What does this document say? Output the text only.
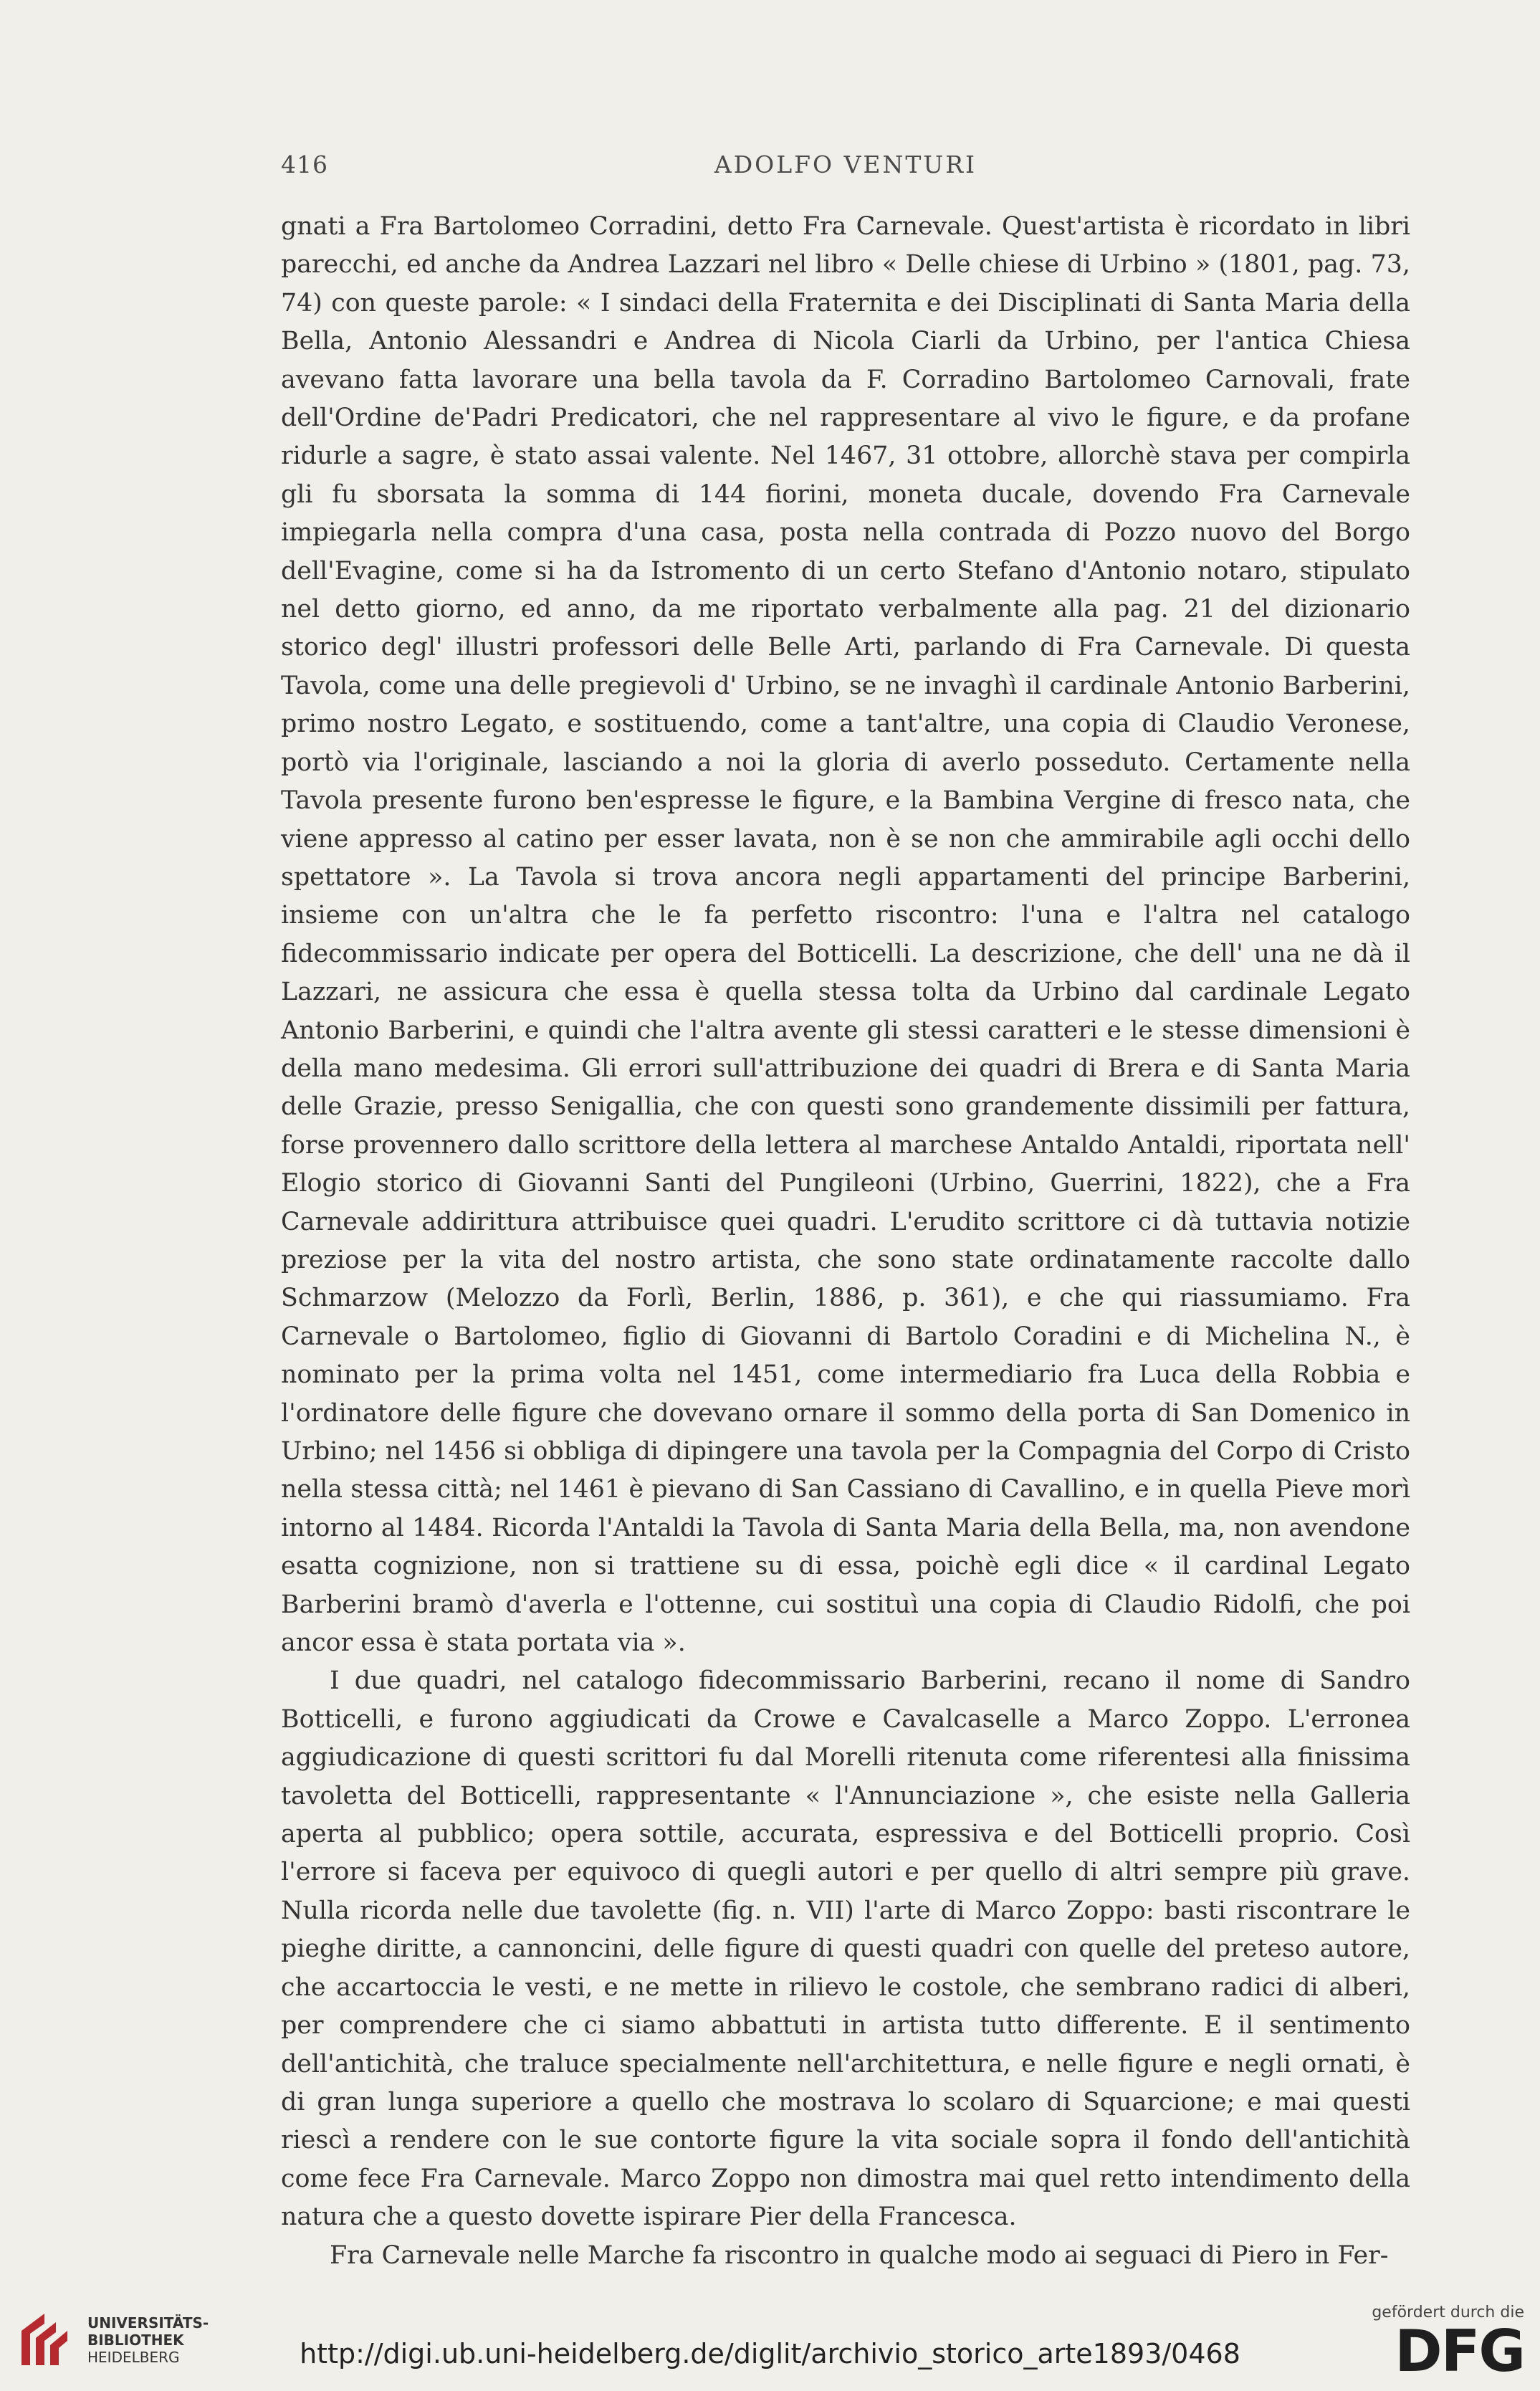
416	ADOLFO VENTURI

gnati a Fra Bartolomeo Corradini, detto Fra Carnevale. Quest'artista è ricordato in libri parecchi, ed anche da Andrea Lazzari nel libro « Delle chiese di Urbino » (1801, pag. 73, 74) con queste parole: « I sindaci della Fraternita e dei Disciplinati di Santa Maria della Bella, Antonio Alessandri e Andrea di Nicola Ciarli da Urbino, per l'antica Chiesa avevano fatta lavorare una bella tavola da F. Corradino Bartolomeo Carnovali, frate dell'Ordine de'Padri Predicatori, che nel rappresentare al vivo le figure, e da profane ridurle a sagre, è stato assai valente. Nel 1467, 31 ottobre, allorchè stava per compirla gli fu sborsata la somma di 144 fiorini, moneta ducale, dovendo Fra Carnevale impiegarla nella compra d'una casa, posta nella contrada di Pozzo nuovo del Borgo dell'Evagine, come si ha da Istromento di un certo Stefano d'Antonio notaro, stipulato nel detto giorno, ed anno, da me riportato verbalmente alla pag. 21 del dizionario storico degl' illustri professori delle Belle Arti, parlando di Fra Carnevale. Di questa Tavola, come una delle pregievoli d' Urbino, se ne invaghì il cardinale Antonio Barberini, primo nostro Legato, e sostituendo, come a tant'altre, una copia di Claudio Veronese, portò via l'originale, lasciando a noi la gloria di averlo posseduto. Certamente nella Tavola presente furono ben'espresse le figure, e la Bambina Vergine di fresco nata, che viene appresso al catino per esser lavata, non è se non che ammirabile agli occhi dello spettatore ». La Tavola si trova ancora negli appartamenti del principe Barberini, insieme con un'altra che le fa perfetto riscontro: l'una e l'altra nel catalogo fidecommissario indicate per opera del Botticelli. La descrizione, che dell' una ne dà il Lazzari, ne assicura che essa è quella stessa tolta da Urbino dal cardinale Legato Antonio Barberini, e quindi che l'altra avente gli stessi caratteri e le stesse dimensioni è della mano medesima. Gli errori sull'attribuzione dei quadri di Brera e di Santa Maria delle Grazie, presso Senigallia, che con questi sono grandemente dissimili per fattura, forse provennero dallo scrittore della lettera al marchese Antaldo Antaldi, riportata nell' Elogio storico di Giovanni Santi del Pungileoni (Urbino, Guerrini, 1822), che a Fra Carnevale addirittura attribuisce quei quadri. L'erudito scrittore ci dà tuttavia notizie preziose per la vita del nostro artista, che sono state ordinatamente raccolte dallo Schmarzow (Melozzo da Forlì, Berlin, 1886, p. 361), e che qui riassumiamo. Fra Carnevale o Bartolomeo, figlio di Giovanni di Bartolo Coradini e di Michelina N., è nominato per la prima volta nel 1451, come intermediario fra Luca della Robbia e l'ordinatore delle figure che dovevano ornare il sommo della porta di San Domenico in Urbino; nel 1456 si obbliga di dipingere una tavola per la Compagnia del Corpo di Cristo nella stessa città; nel 1461 è pievano di San Cassiano di Cavallino, e in quella Pieve morì intorno al 1484. Ricorda l'Antaldi la Tavola di Santa Maria della Bella, ma, non avendone esatta cognizione, non si trattiene su di essa, poichè egli dice « il cardinal Legato Barberini bramò d'averla e l'ottenne, cui sostituì una copia di Claudio Ridolfi, che poi ancor essa è stata portata via ».

I due quadri, nel catalogo fidecommissario Barberini, recano il nome di Sandro Botticelli, e furono aggiudicati da Crowe e Cavalcaselle a Marco Zoppo. L'erronea aggiudicazione di questi scrittori fu dal Morelli ritenuta come riferentesi alla finissima tavoletta del Botticelli, rappresentante « l'Annunciazione », che esiste nella Galleria aperta al pubblico; opera sottile, accurata, espressiva e del Botticelli proprio. Così l'errore si faceva per equivoco di quegli autori e per quello di altri sempre più grave. Nulla ricorda nelle due tavolette (fig. n. VII) l'arte di Marco Zoppo: basti riscontrare le pieghe diritte, a cannoncini, delle figure di questi quadri con quelle del preteso autore, che accartoccia le vesti, e ne mette in rilievo le costole, che sembrano radici di alberi, per comprendere che ci siamo abbattuti in artista tutto differente. E il sentimento dell'antichità, che traluce specialmente nell'architettura, e nelle figure e negli ornati, è di gran lunga superiore a quello che mostrava lo scolaro di Squarcione; e mai questi riescì a rendere con le sue contorte figure la vita sociale sopra il fondo dell'antichità come fece Fra Carnevale. Marco Zoppo non dimostra mai quel retto intendimento della natura che a questo dovette ispirare Pier della Francesca.

Fra Carnevale nelle Marche fa riscontro in qualche modo ai seguaci di Piero in Fer-

UNIVERSITÄTS-
BIBLIOTHEK
HEIDELBERG	http://digi.ub.uni-heidelberg.de/diglit/archivio_storico_arte1893/0468
gefördert durch die
DFG
